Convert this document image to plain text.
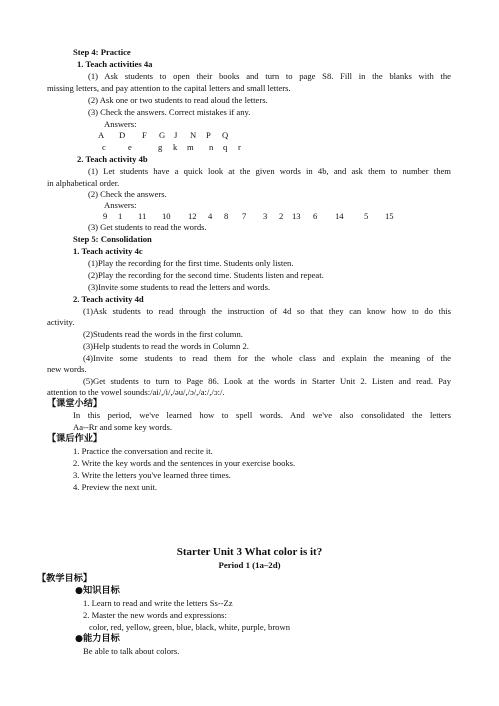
Step 4: Practice
1. Teach activities 4a
(1) Ask students to open their books and turn to page S8. Fill in the blanks with the
missing letters, and pay attention to the capital letters and small letters.
(2) Ask one or two students to read aloud the letters.
(3) Check the answers. Correct mistakes if any.
Answers:
A D F G J N P Q
c	e	g k m n q r
2. Teach activity 4b
(1) Let students have a quick look at the given words in 4b, and ask them to number them
in alphabetical order.
(2) Check the answers.
Answers:
9 1 11 10 12 4 8 7 3 2 13 6 14 5 15
(3) Get students to read the words.
Step 5: Consolidation
1. Teach activity 4c
(1)Play the recording for the first time. Students only listen.
(2)Play the recording for the second time. Students listen and repeat.
(3)Invite some students to read the letters and words.
2. Teach activity 4d
(1)Ask students to read through the instruction of 4d so that they can know how to do this
activity.
(2)Students read the words in the first column.
(3)Help students to read the words in Column 2.
(4)Invite some students to read them for the whole class and explain the meaning of the
new words.
(5)Get students to turn to Page 86. Look at the words in Starter Unit 2. Listen and read. Pay
attention to the vowel sounds:/ai/,/i/,/əu/,/ɔ/,/a:/,/ɔ:/.
【课堂小结】
In this period, we've learned how to spell words. And we've also consolidated the letters
Aa--Rr and some key words.
【课后作业】
1. Practice the conversation and recite it.
2. Write the key words and the sentences in your exercise books.
3. Write the letters you've learned three times.
4. Preview the next unit.
Starter Unit 3 What color is it?
Period 1 (1a–2d)
【教学目标】
●知识目标
1. Learn to read and write the letters Ss--Zz
2. Master the new words and expressions:
color, red, yellow, green, blue, black, white, purple, brown
●能力目标
Be able to talk about colors.
